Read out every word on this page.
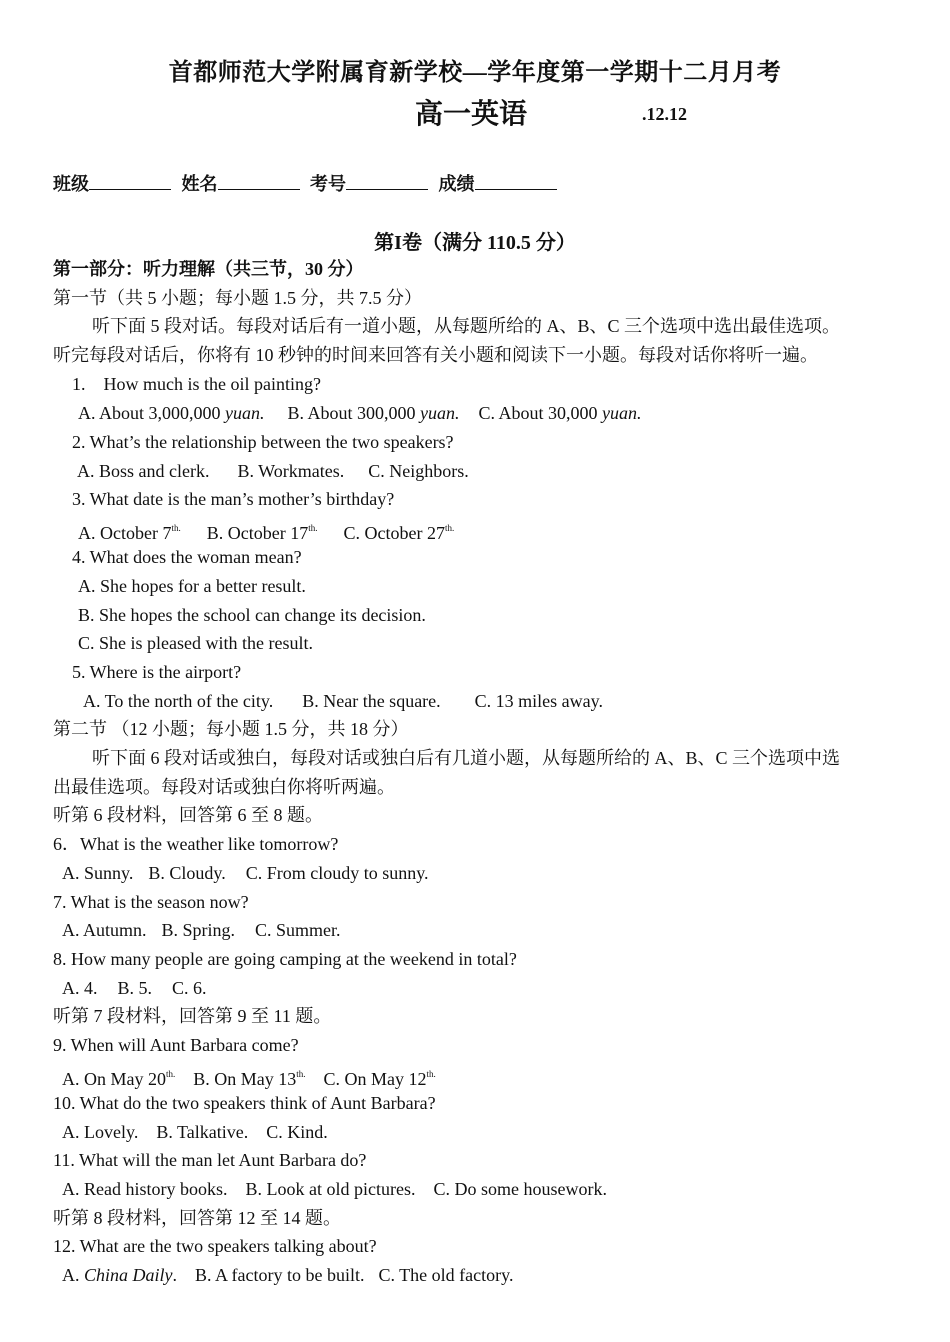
首都师范大学附属育新学校—学年度第一学期十二月月考
高一英语	.12.12
班级	姓名	考号	成绩
第I卷（满分 110.5 分）
第一部分：听力理解（共三节，30 分）
第一节（共 5 小题；每小题 1.5 分，共 7.5 分）
听下面 5 段对话。每段对话后有一道小题，从每题所给的 A、B、C 三个选项中选出最佳选项。
听完每段对话后，你将有 10 秒钟的时间来回答有关小题和阅读下一小题。每段对话你将听一遍。
1.    How much is the oil painting?
A. About 3,000,000 yuan. B. About 300,000 yuan. C. About 30,000 yuan.
2. What’s the relationship between the two speakers?
A. Boss and clerk. B. Workmates. C. Neighbors.
3. What date is the man’s mother’s birthday?
A. October $7^{th.}$ B. October $17^{th.}$ C. October $27^{th.}$
4. What does the woman mean?
A. She hopes for a better result.
B. She hopes the school can change its decision.
C. She is pleased with the result.
5. Where is the airport?
A. To the north of the city. B. Near the square. C. 13 miles away.
第二节 （12 小题；每小题 1.5 分，共 18 分）
听下面 6 段对话或独白，每段对话或独白后有几道小题，从每题所给的 A、B、C 三个选项中选
出最佳选项。每段对话或独白你将听两遍。
听第 6 段材料，回答第 6 至 8 题。
6．What is the weather like tomorrow?
A. Sunny. B. Cloudy. C. From cloudy to sunny.
7. What is the season now?
A. Autumn. B. Spring. C. Summer.
8. How many people are going camping at the weekend in total?
A. 4. B. 5. C. 6.
听第 7 段材料，回答第 9 至 11 题。
9. When will Aunt Barbara come?
A. On May $20^{th.}$ B. On May $13^{th.}$ C. On May $12^{th.}$
10. What do the two speakers think of Aunt Barbara?
A. Lovely. B. Talkative. C. Kind.
11. What will the man let Aunt Barbara do?
A. Read history books. B. Look at old pictures. C. Do some housework.
听第 8 段材料，回答第 12 至 14 题。
12. What are the two speakers talking about?
A. China Daily. B. A factory to be built. C. The old factory.
